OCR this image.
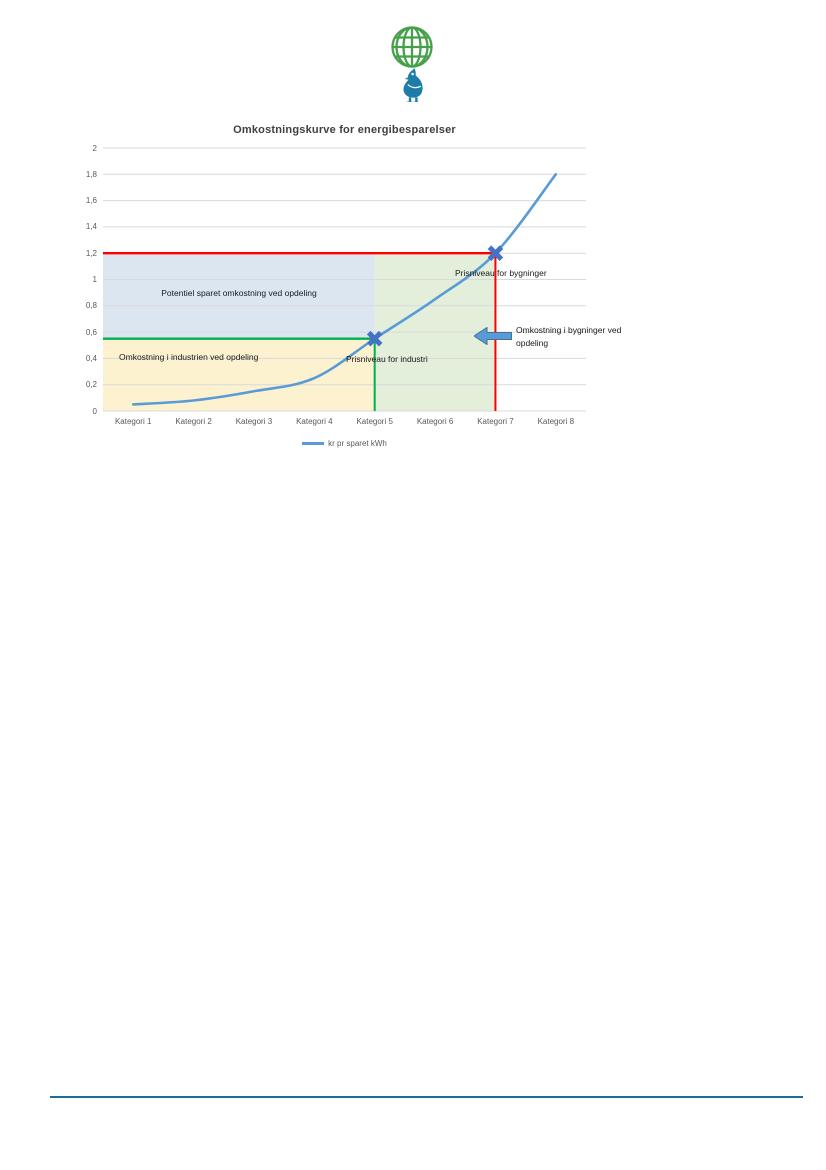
Omkostningskurve for energibesparelser
Potentiel sparet omkostning ved opdeling
Omkostning i industrien ved opdeling
Prisniveau for bygninger
Prisniveau for industri
Omkostning i bygninger ved opdeling
0
0,2
0,4
0,6
0,8
1
1,2
1,4
1,6
1,8
2
Kategori 1	Kategori 2	Kategori 3	Kategori 4	Kategori 5	Kategori 6	Kategori 7	Kategori 8
kr pr sparet kWh
